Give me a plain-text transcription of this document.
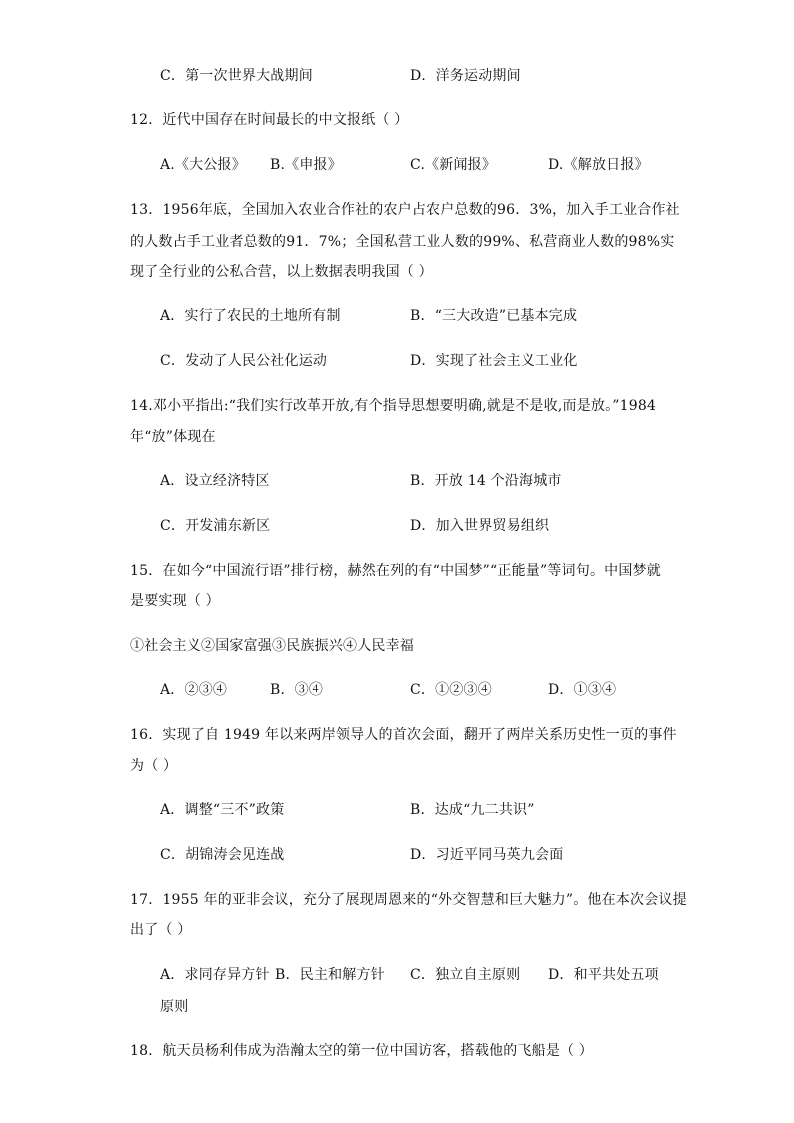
C．第一次世界大战期间	D．洋务运动期间
12．近代中国存在时间最长的中文报纸（ ）
A.《大公报》 B.《申报》	C.《新闻报》	D.《解放日报》
13．1956年底，全国加入农业合作社的农户占农户总数的96．3%，加入手工业合作社
的人数占手工业者总数的91．7%；全国私营工业人数的99%、私营商业人数的98%实
现了全行业的公私合营，以上数据表明我国（ ）
A．实行了农民的土地所有制	B．“三大改造”已基本完成
C．发动了人民公社化运动	D．实现了社会主义工业化
14.邓小平指出:“我们实行改革开放,有个指导思想要明确,就是不是收,而是放。”1984
年“放”体现在
A．设立经济特区	B．开放 14 个沿海城市
C．开发浦东新区	D．加入世界贸易组织
15．在如今“中国流行语”排行榜，赫然在列的有“中国梦”“正能量”等词句。中国梦就
是要实现（ ）
①社会主义②国家富强③民族振兴④人民幸福
A．②③④	B．③④	C．①②③④	D．①③④
16．实现了自 1949 年以来两岸领导人的首次会面，翻开了两岸关系历史性一页的事件
为（ ）
A．调整“三不”政策	B．达成“九二共识”
C．胡锦涛会见连战	D．习近平同马英九会面
17．1955 年的亚非会议，充分了展现周恩来的“外交智慧和巨大魅力”。他在本次会议提
出了（ ）
A．求同存异方针 B．民主和解方针 C．独立自主原则 D．和平共处五项
原则
18．航天员杨利伟成为浩瀚太空的第一位中国访客，搭载他的飞船是（ ）
